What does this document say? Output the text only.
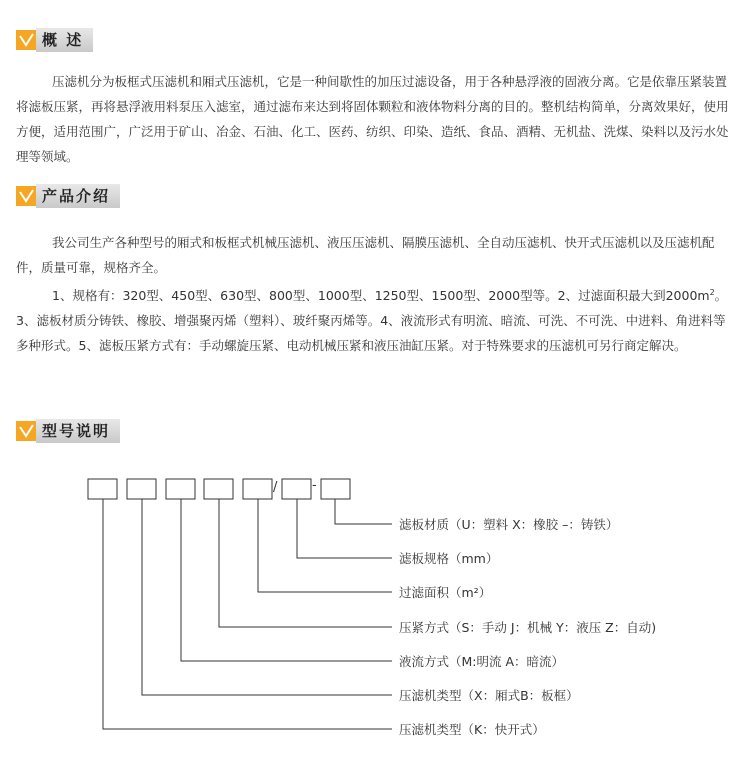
概 述

压滤机分为板框式压滤机和厢式压滤机，它是一种间歇性的加压过滤设备，用于各种悬浮液的固液分离。它是依靠压紧装置将滤板压紧，再将悬浮液用料泵压入滤室，通过滤布来达到将固体颗粒和液体物料分离的目的。整机结构简单，分离效果好，使用方便，适用范围广，广泛用于矿山、冶金、石油、化工、医药、纺织、印染、造纸、食品、酒精、无机盐、洗煤、染料以及污水处理等领域。

产品介绍

我公司生产各种型号的厢式和板框式机械压滤机、液压压滤机、隔膜压滤机、全自动压滤机、快开式压滤机以及压滤机配件，质量可靠，规格齐全。

1、规格有：320型、450型、630型、800型、1000型、1250型、1500型、2000型等。2、过滤面积最大到$2000m^2$。3、滤板材质分铸铁、橡胶、增强聚丙烯（塑料）、玻纤聚丙烯等。4、液流形式有明流、暗流、可洗、不可洗、中进料、角进料等多种形式。5、滤板压紧方式有：手动螺旋压紧、电动机械压紧和液压油缸压紧。对于特殊要求的压滤机可另行商定解决。

型号说明
/	-
滤板材质（U：塑料 X：橡胶 –：铸铁）
滤板规格（mm）
过滤面积（m²）
压紧方式（S：手动 J：机械 Y：液压 Z：自动)
液流方式（M:明流 A：暗流）
压滤机类型（X：厢式B：板框）
压滤机类型（K：快开式）
